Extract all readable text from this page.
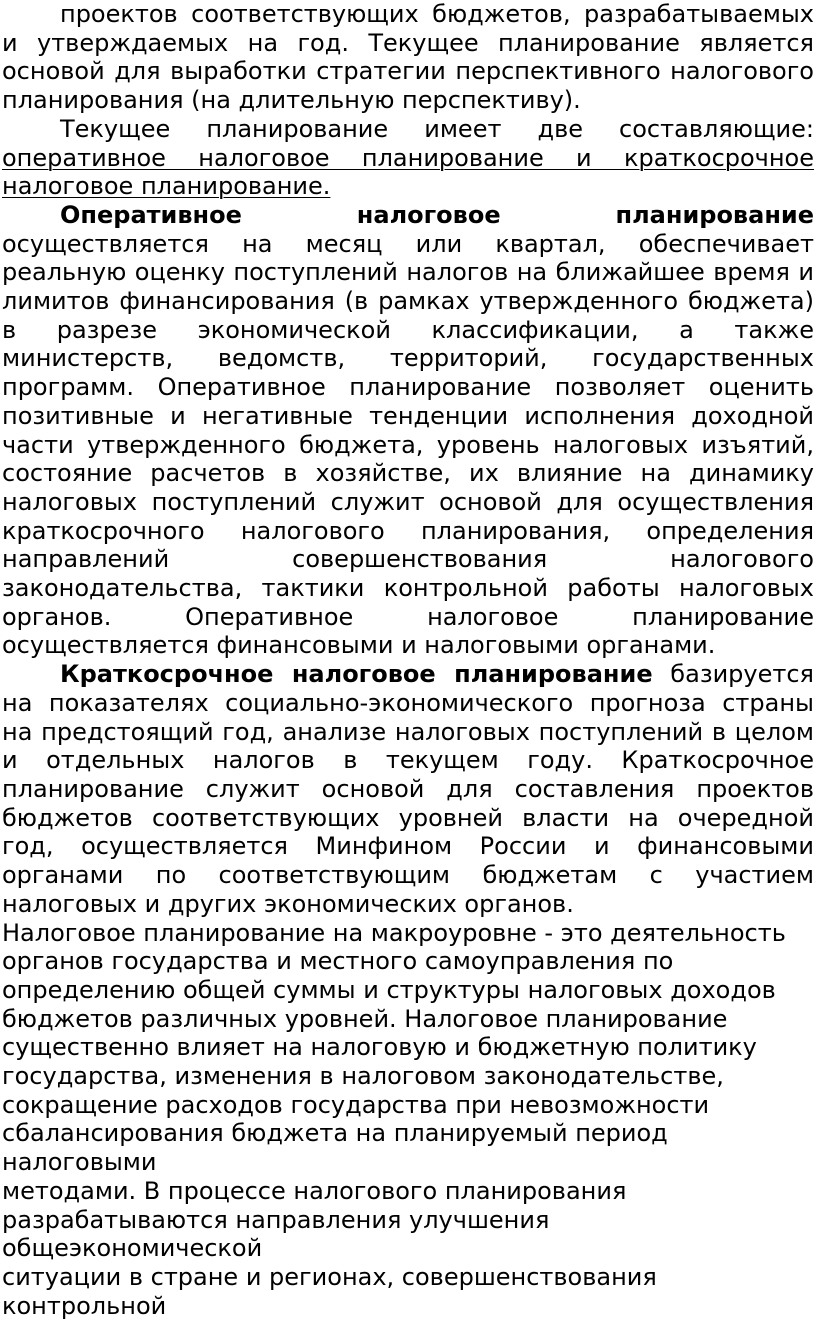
проектов соответствующих бюджетов, разрабатываемых и утверждаемых на год. Текущее планирование является основой для выработки стратегии перспективного налогового планирования (на длительную перспективу).

Текущее планирование имеет две составляющие: оперативное налоговое планирование и краткосрочное налоговое планирование.

Оперативное налоговое планирование осуществляется на месяц или квартал, обеспечивает реальную оценку поступлений налогов на ближайшее время и лимитов финансирования (в рамках утвержденного бюджета) в разрезе экономической классификации, а также министерств, ведомств, территорий, государственных программ. Оперативное планирование позволяет оценить позитивные и негативные тенденции исполнения доходной части утвержденного бюджета, уровень налоговых изъятий, состояние расчетов в хозяйстве, их влияние на динамику налоговых поступлений служит основой для осуществления краткосрочного налогового планирования, определения направлений совершенствования налогового законодательства, тактики контрольной работы налоговых органов. Оперативное налоговое планирование осуществляется финансовыми и налоговыми органами.

Краткосрочное налоговое планирование базируется на показателях социально-экономического прогноза страны на предстоящий год, анализе налоговых поступлений в целом и отдельных налогов в текущем году. Краткосрочное планирование служит основой для составления проектов бюджетов соответствующих уровней власти на очередной год, осуществляется Минфином России и финансовыми органами по соответствующим бюджетам с участием налоговых и других экономических органов.

Налоговое планирование на макроуровне - это деятельность
органов государства и местного самоуправления по
определению общей суммы и структуры налоговых доходов
бюджетов различных уровней. Налоговое планирование
существенно влияет на налоговую и бюджетную политику
государства, изменения в налоговом законодательстве,
сокращение расходов государства при невозможности
сбалансирования бюджета на планируемый период налоговыми
методами. В процессе налогового планирования
разрабатываются направления улучшения общеэкономической
ситуации в стране и регионах, совершенствования контрольной
